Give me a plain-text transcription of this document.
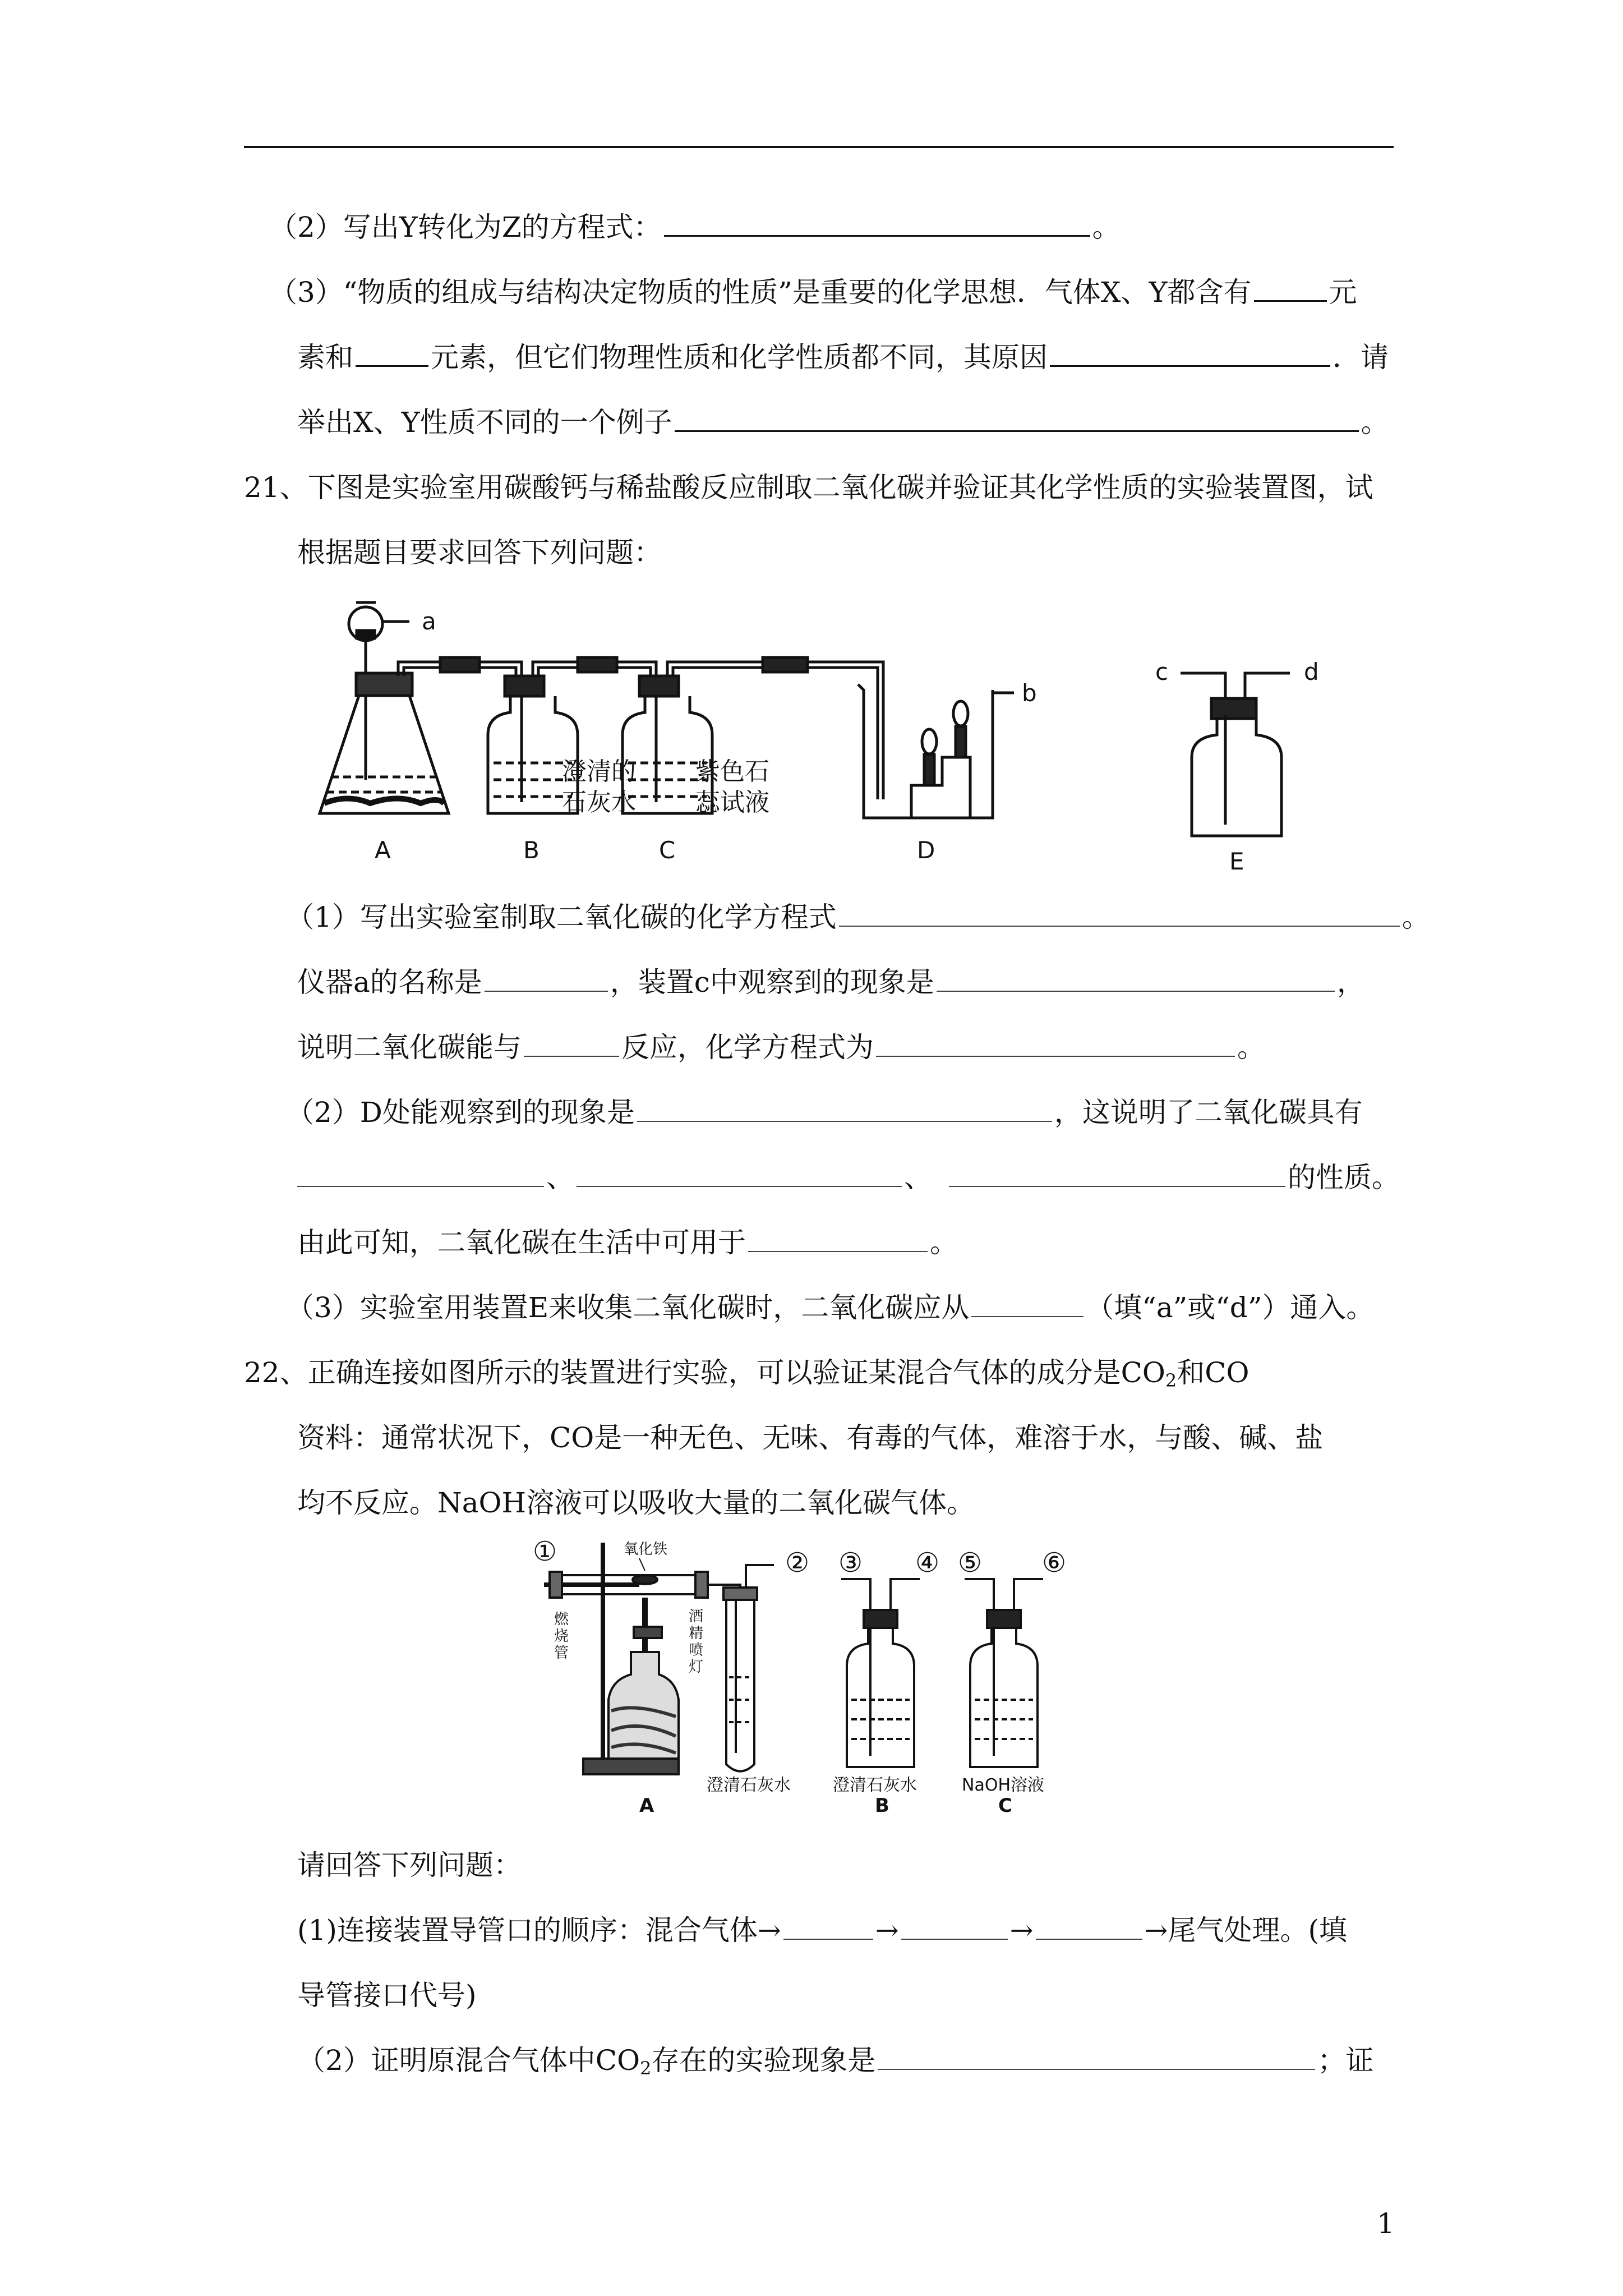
（2）写出Y转化为Z的方程式：	。
（3）“物质的组成与结构决定物质的性质”是重要的化学思想．气体X、Y都含有	元
素和	元素，但它们物理性质和化学性质都不同，其原因	．请
举出X、Y性质不同的一个例子	。
21、下图是实验室用碳酸钙与稀盐酸反应制取二氧化碳并验证其化学性质的实验装置图，试
根据题目要求回答下列问题：
a
b
c	d
澄清的
石灰水
紫色石
蕊试液
A	B	C	D	E
（1）写出实验室制取二氧化碳的化学方程式	。
仪器a的名称是	，装置c中观察到的现象是	，
说明二氧化碳能与	反应，化学方程式为	。
（2）D处能观察到的现象是	，这说明了二氧化碳具有
、	、	的性质。
由此可知，二氧化碳在生活中可用于	。
（3）实验室用装置E来收集二氧化碳时，二氧化碳应从	（填“a”或“d”）通入。
22、正确连接如图所示的装置进行实验，可以验证某混合气体的成分是$CO_2$和CO
资料：通常状况下，CO是一种无色、无味、有毒的气体，难溶于水，与酸、碱、盐
均不反应。NaOH溶液可以吸收大量的二氧化碳气体。
①	② ③ ④ ⑤ ⑥
氧化铁
燃
烧
管
酒
精
喷
灯
澄清石灰水	澄清石灰水	NaOH溶液
A	B	C
请回答下列问题：
(1)连接装置导管口的顺序：混合气体→	→	→	→尾气处理。(填
导管接口代号)
（2）证明原混合气体中$CO_2$存在的实验现象是	；证
1
